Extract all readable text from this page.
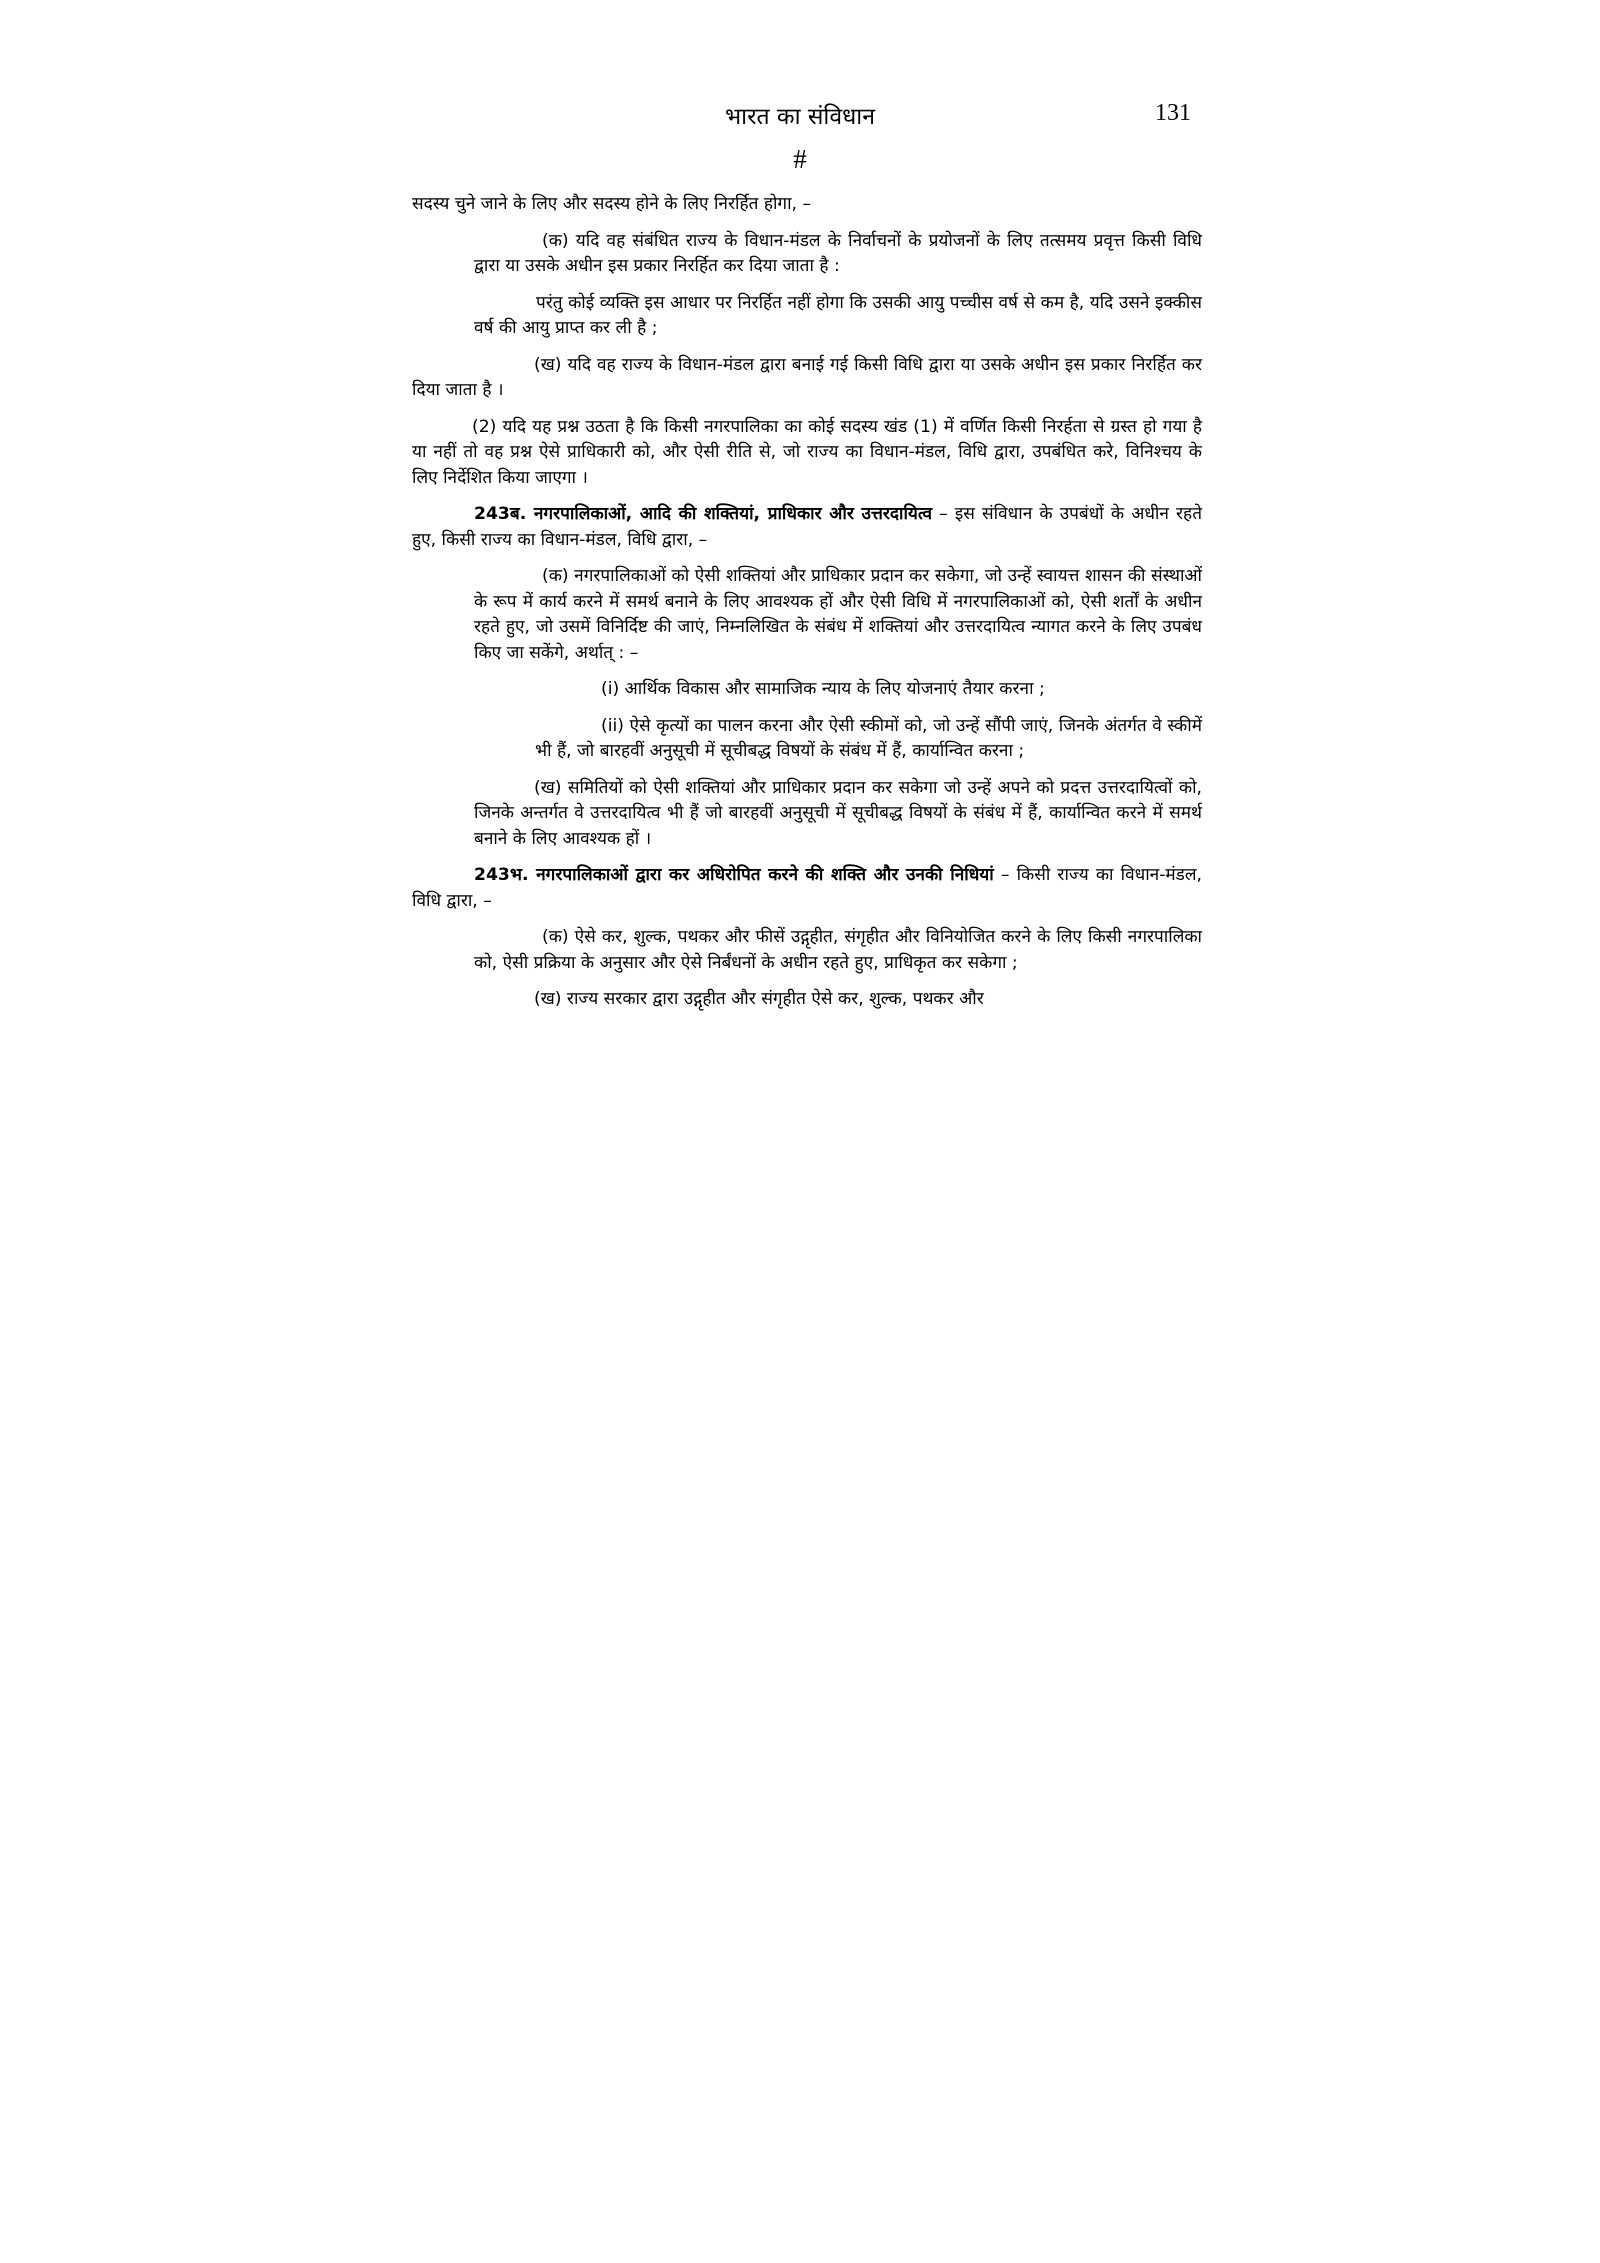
भारत का संविधान	131
#

सदस्य चुने जाने के लिए और सदस्य होने के लिए निरर्हित होगा, –

(क) यदि वह संबंधित राज्य के विधान-मंडल के निर्वाचनों के प्रयोजनों के लिए तत्समय प्रवृत्त किसी विधि द्वारा या उसके अधीन इस प्रकार निरर्हित कर दिया जाता है :

परंतु कोई व्यक्ति इस आधार पर निरर्हित नहीं होगा कि उसकी आयु पच्चीस वर्ष से कम है, यदि उसने इक्कीस वर्ष की आयु प्राप्त कर ली है ;

(ख) यदि वह राज्य के विधान-मंडल द्वारा बनाई गई किसी विधि द्वारा या उसके अधीन इस प्रकार निरर्हित कर दिया जाता है ।

(2) यदि यह प्रश्न उठता है कि किसी नगरपालिका का कोई सदस्य खंड (1) में वर्णित किसी निरर्हता से ग्रस्त हो गया है या नहीं तो वह प्रश्न ऐसे प्राधिकारी को, और ऐसी रीति से, जो राज्य का विधान-मंडल, विधि द्वारा, उपबंधित करे, विनिश्चय के लिए निर्देशित किया जाएगा ।

243ब. नगरपालिकाओं, आदि की शक्तियां, प्राधिकार और उत्तरदायित्व – इस संविधान के उपबंधों के अधीन रहते हुए, किसी राज्य का विधान-मंडल, विधि द्वारा, –

(क) नगरपालिकाओं को ऐसी शक्तियां और प्राधिकार प्रदान कर सकेगा, जो उन्हें स्वायत्त शासन की संस्थाओं के रूप में कार्य करने में समर्थ बनाने के लिए आवश्यक हों और ऐसी विधि में नगरपालिकाओं को, ऐसी शर्तों के अधीन रहते हुए, जो उसमें विनिर्दिष्ट की जाएं, निम्नलिखित के संबंध में शक्तियां और उत्तरदायित्व न्यागत करने के लिए उपबंध किए जा सकेंगे, अर्थात् : –

(i) आर्थिक विकास और सामाजिक न्याय के लिए योजनाएं तैयार करना ;

(ii) ऐसे कृत्यों का पालन करना और ऐसी स्कीमों को, जो उन्हें सौंपी जाएं, जिनके अंतर्गत वे स्कीमें भी हैं, जो बारहवीं अनुसूची में सूचीबद्ध विषयों के संबंध में हैं, कार्यान्वित करना ;

(ख) समितियों को ऐसी शक्तियां और प्राधिकार प्रदान कर सकेगा जो उन्हें अपने को प्रदत्त उत्तरदायित्वों को, जिनके अन्तर्गत वे उत्तरदायित्व भी हैं जो बारहवीं अनुसूची में सूचीबद्ध विषयों के संबंध में हैं, कार्यान्वित करने में समर्थ बनाने के लिए आवश्यक हों ।

243भ. नगरपालिकाओं द्वारा कर अधिरोपित करने की शक्ति और उनकी निधियां – किसी राज्य का विधान-मंडल, विधि द्वारा, –

(क) ऐसे कर, शुल्क, पथकर और फीसें उद्गृहीत, संगृहीत और विनियोजित करने के लिए किसी नगरपालिका को, ऐसी प्रक्रिया के अनुसार और ऐसे निर्बंधनों के अधीन रहते हुए, प्राधिकृत कर सकेगा ;

(ख) राज्य सरकार द्वारा उद्गृहीत और संगृहीत ऐसे कर, शुल्क, पथकर और
